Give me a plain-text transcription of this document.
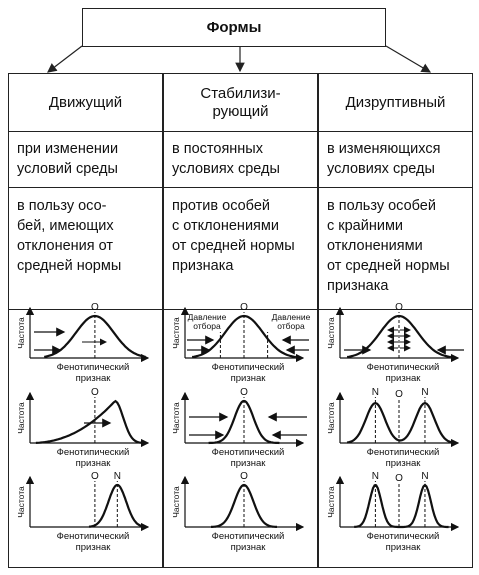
Формы
Движущий
при изменении
условий среды
в пользу осо-
бей, имеющих
отклонения от
средней нормы
Стабилизи-
рующий
в постоянных
условиях среды
против особей
с отклонениями
от средней нормы
признака
Дизруптивный
в изменяющихся
условиях среды
в пользу особей
с крайними
отклонениями
от средней нормы
признака
Частота
Фенотипический
признак
O
Частота
Фенотипический
признак
O
Частота
Фенотипический
признак
O N
Частота
Фенотипический
признак
O
Давление
отбора
Давление
отбора
Частота
Фенотипический
признак
O
Частота
Фенотипический
признак
O
Частота
Фенотипический
признак
O
Частота
Фенотипический
признак
N O N
Частота
Фенотипический
признак
N O N
